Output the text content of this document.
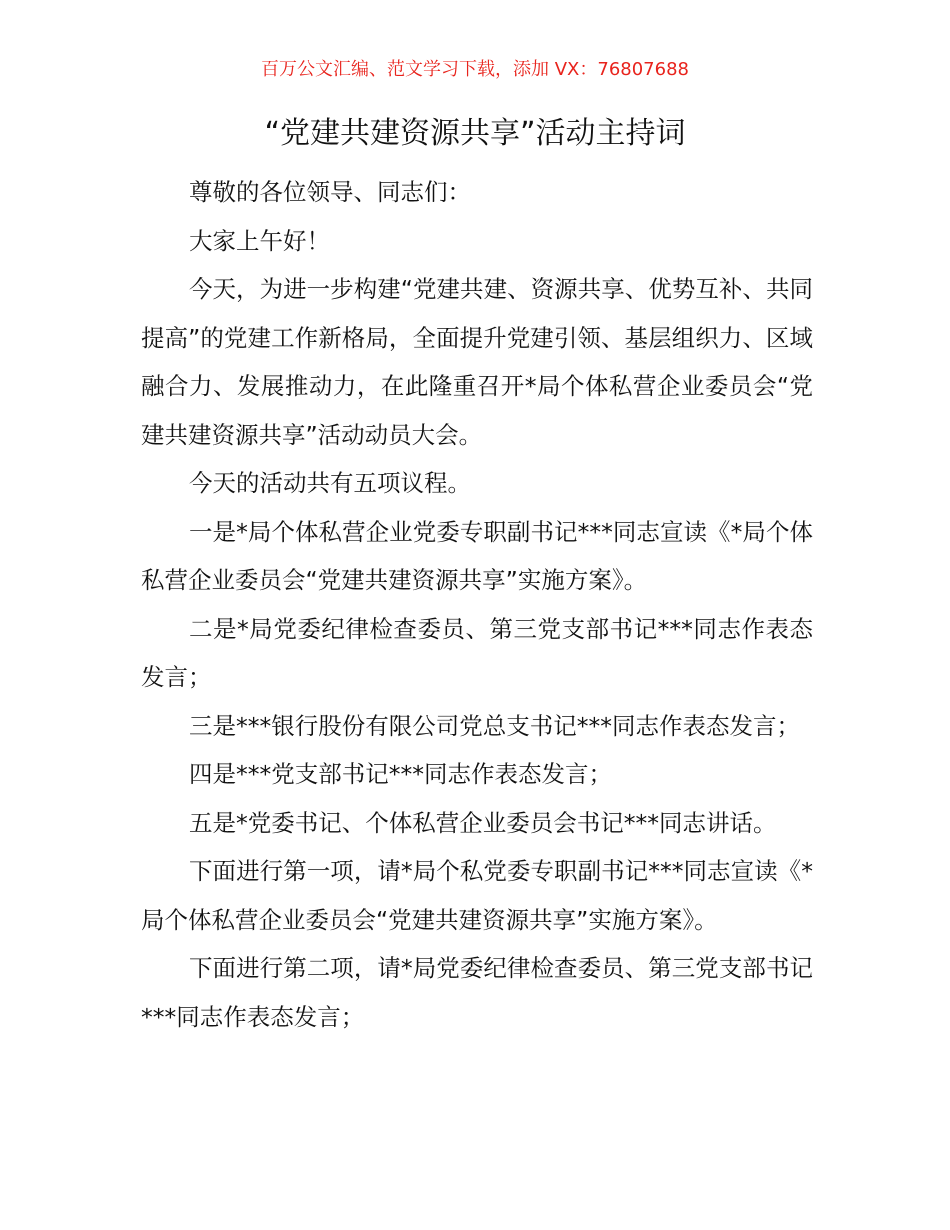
百万公文汇编、范文学习下载，添加 VX：76807688
“党建共建资源共享”活动主持词

尊敬的各位领导、同志们：

大家上午好！

今天，为进一步构建“党建共建、资源共享、优势互补、共同提高”的党建工作新格局，全面提升党建引领、基层组织力、区域融合力、发展推动力，在此隆重召开*局个体私营企业委员会“党建共建资源共享”活动动员大会。

今天的活动共有五项议程。

一是*局个体私营企业党委专职副书记***同志宣读《*局个体私营企业委员会“党建共建资源共享”实施方案》。

二是*局党委纪律检查委员、第三党支部书记***同志作表态发言；

三是***银行股份有限公司党总支书记***同志作表态发言；

四是***党支部书记***同志作表态发言；

五是*党委书记、个体私营企业委员会书记***同志讲话。

下面进行第一项，请*局个私党委专职副书记***同志宣读《*局个体私营企业委员会“党建共建资源共享”实施方案》。

下面进行第二项，请*局党委纪律检查委员、第三党支部书记***同志作表态发言；
